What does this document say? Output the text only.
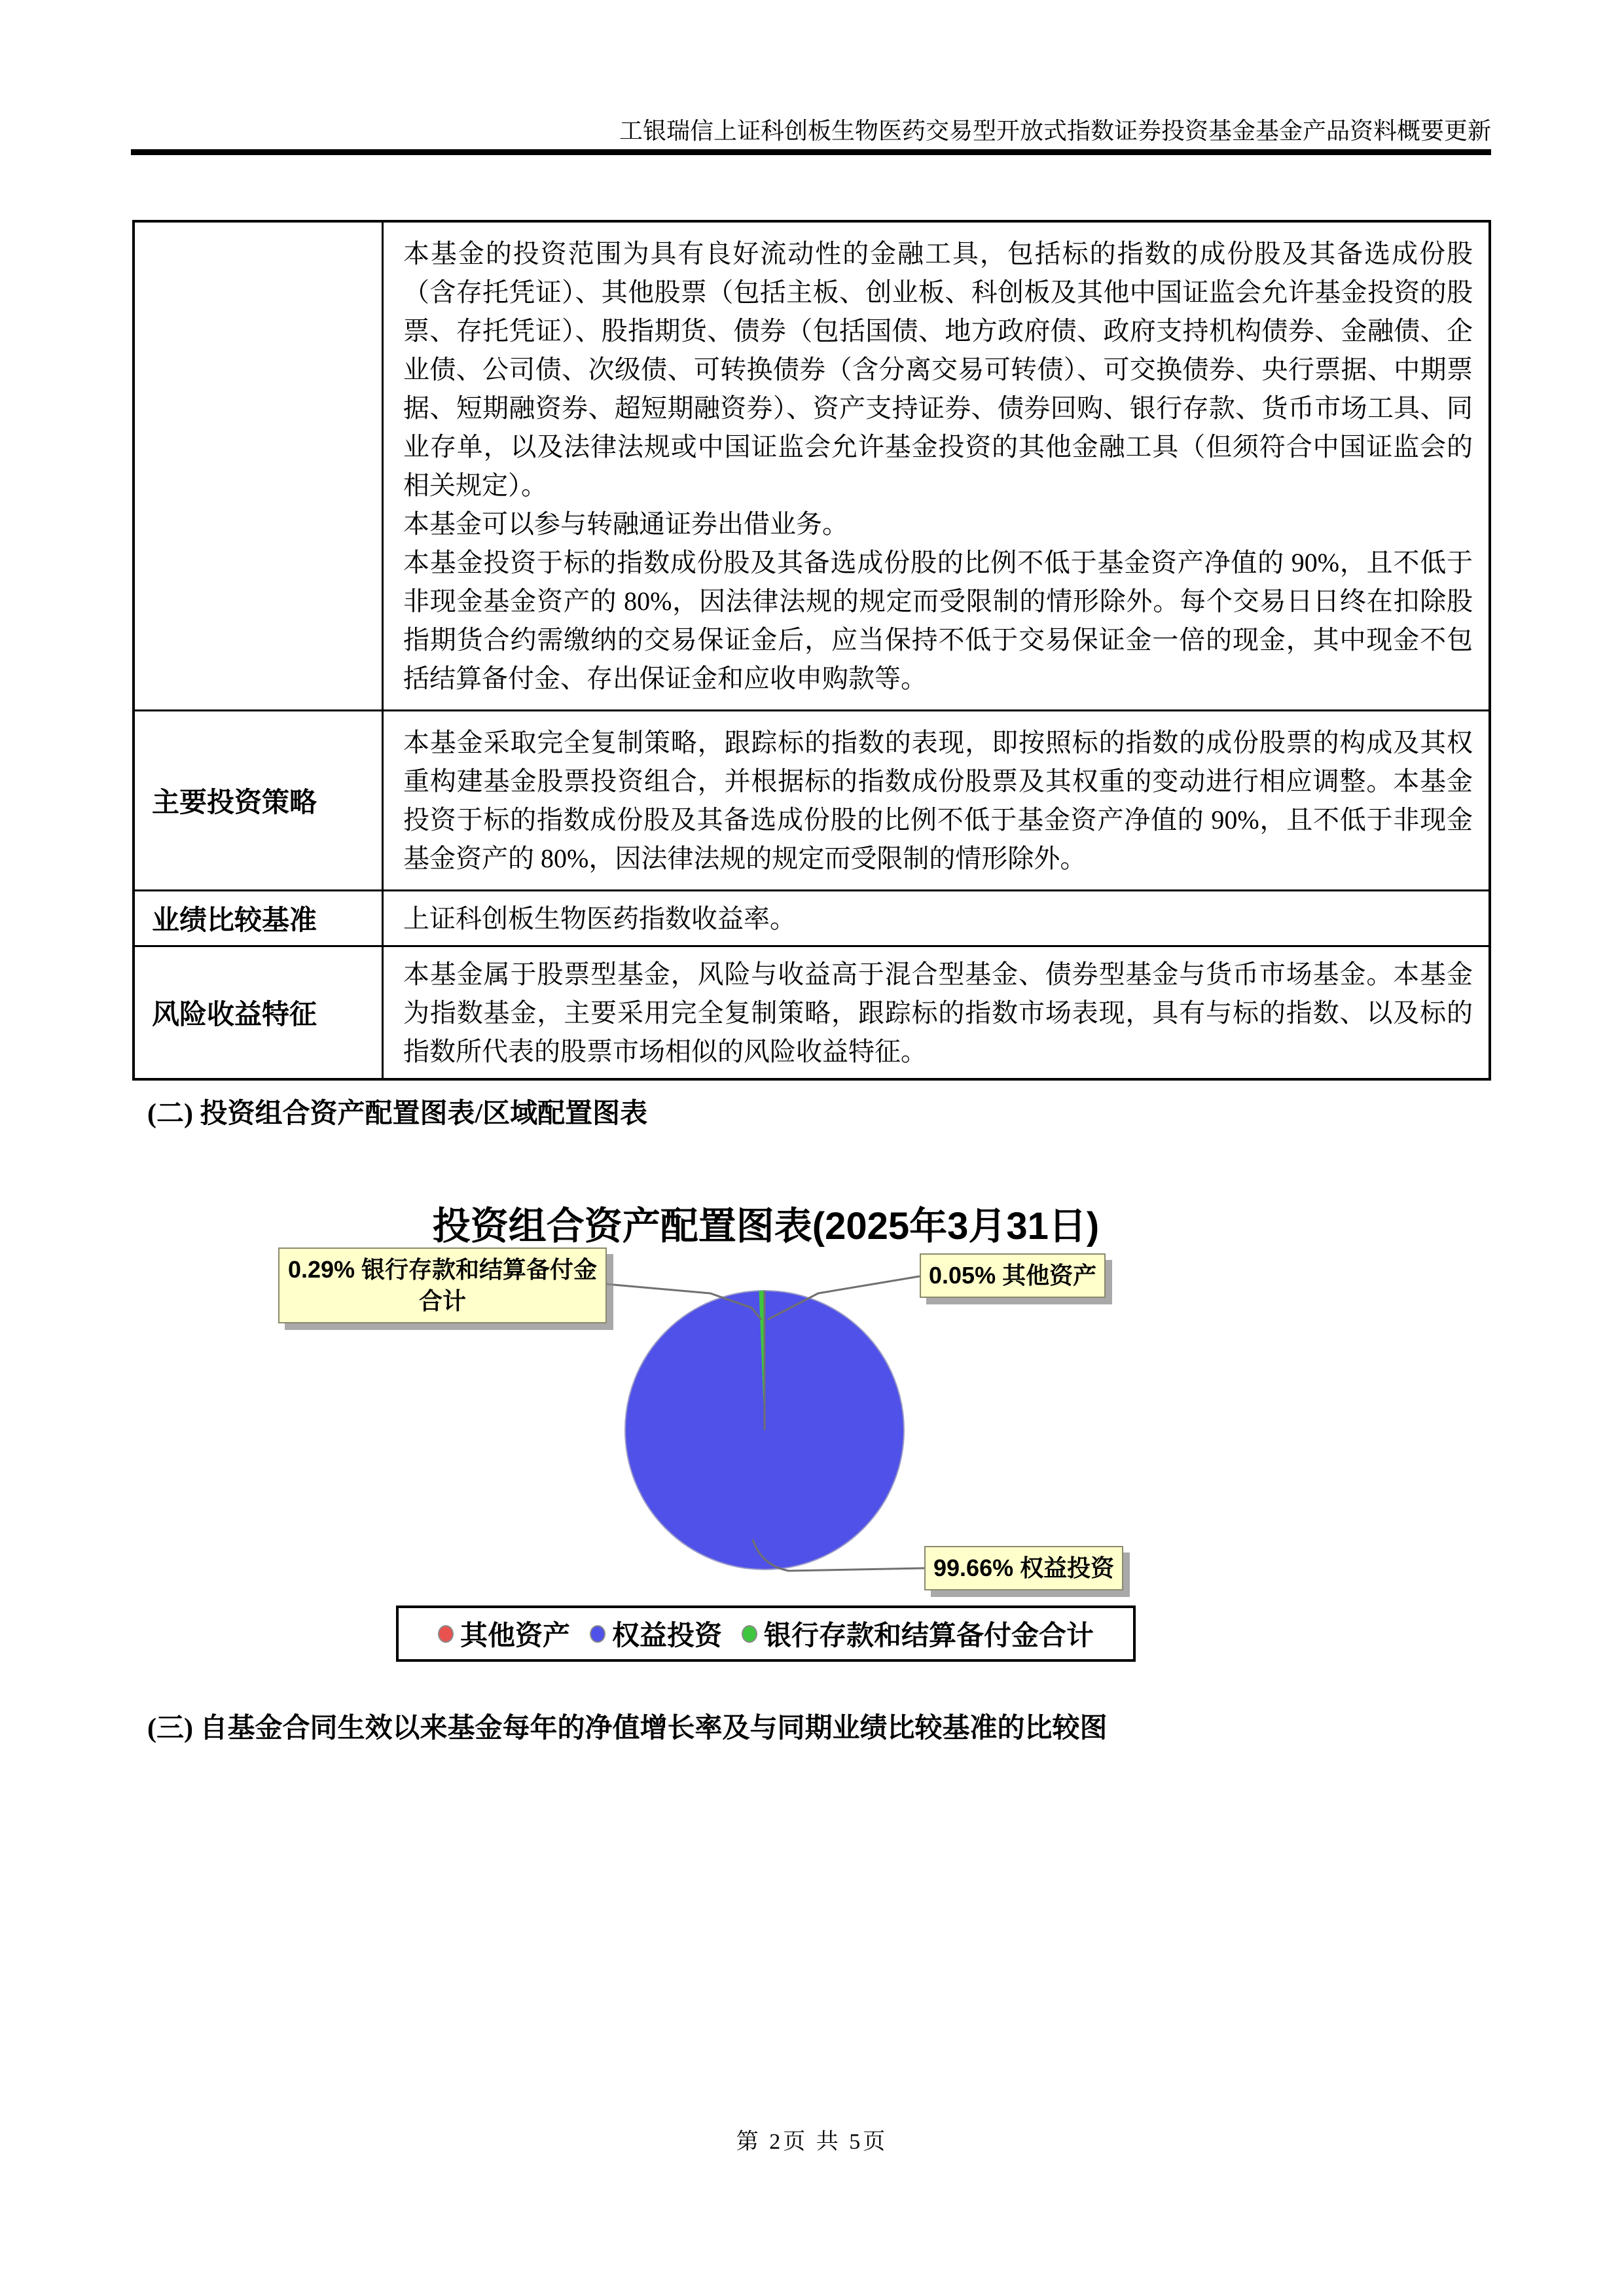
工银瑞信上证科创板生物医药交易型开放式指数证券投资基金基金产品资料概要更新

	本基金的投资范围为具有良好流动性的金融工具，包括标的指数的成份股及其备选成份股（含存托凭证）、其他股票（包括主板、创业板、科创板及其他中国证监会允许基金投资的股票、存托凭证）、股指期货、债券（包括国债、地方政府债、政府支持机构债券、金融债、企业债、公司债、次级债、可转换债券（含分离交易可转债）、可交换债券、央行票据、中期票据、短期融资券、超短期融资券）、资产支持证券、债券回购、银行存款、货币市场工具、同业存单，以及法律法规或中国证监会允许基金投资的其他金融工具（但须符合中国证监会的相关规定）。

本基金可以参与转融通证券出借业务。

本基金投资于标的指数成份股及其备选成份股的比例不低于基金资产净值的 90%，且不低于非现金基金资产的 80%，因法律法规的规定而受限制的情形除外。每个交易日日终在扣除股指期货合约需缴纳的交易保证金后，应当保持不低于交易保证金一倍的现金，其中现金不包括结算备付金、存出保证金和应收申购款等。

主要投资策略	本基金采取完全复制策略，跟踪标的指数的表现，即按照标的指数的成份股票的构成及其权重构建基金股票投资组合，并根据标的指数成份股票及其权重的变动进行相应调整。本基金投资于标的指数成份股及其备选成份股的比例不低于基金资产净值的 90%，且不低于非现金基金资产的 80%，因法律法规的规定而受限制的情形除外。

业绩比较基准	上证科创板生物医药指数收益率。

风险收益特征	本基金属于股票型基金，风险与收益高于混合型基金、债券型基金与货币市场基金。本基金为指数基金，主要采用完全复制策略，跟踪标的指数市场表现，具有与标的指数、以及标的指数所代表的股票市场相似的风险收益特征。

(二) 投资组合资产配置图表/区域配置图表
投资组合资产配置图表(2025年3月31日)
0.29% 银行存款和结算备付金合计
0.05% 其他资产
99.66% 权益投资
其他资产 权益投资 银行存款和结算备付金合计
(三) 自基金合同生效以来基金每年的净值增长率及与同期业绩比较基准的比较图
第 2页 共 5页
